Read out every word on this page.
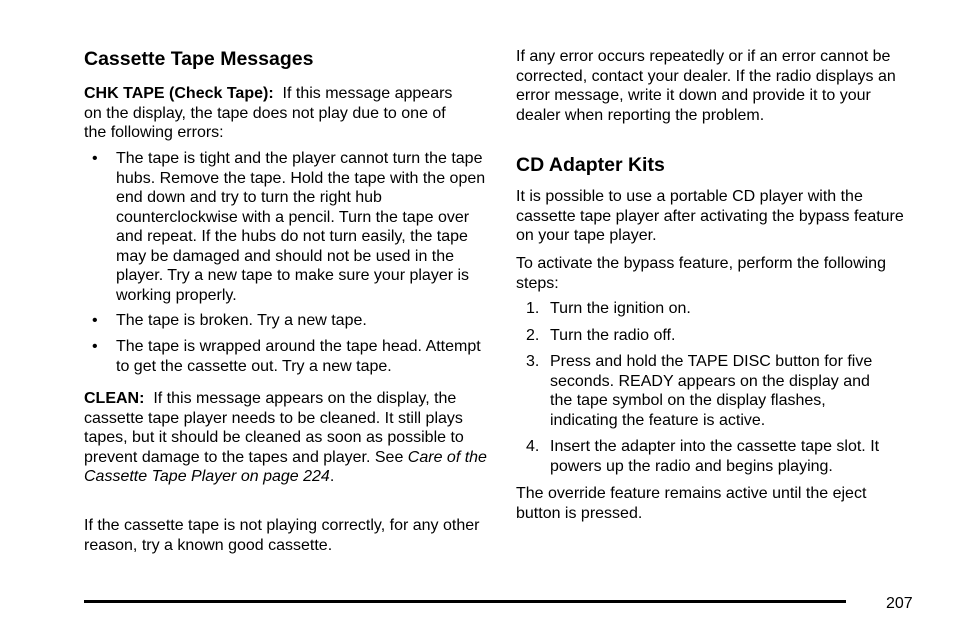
Cassette Tape Messages

CHK TAPE (Check Tape): If this message appears on the display, the tape does not play due to one of the following errors:

• The tape is tight and the player cannot turn the tape hubs. Remove the tape. Hold the tape with the open end down and try to turn the right hub counterclockwise with a pencil. Turn the tape over and repeat. If the hubs do not turn easily, the tape may be damaged and should not be used in the player. Try a new tape to make sure your player is working properly.

• The tape is broken. Try a new tape.

• The tape is wrapped around the tape head. Attempt to get the cassette out. Try a new tape.

CLEAN: If this message appears on the display, the cassette tape player needs to be cleaned. It still plays tapes, but it should be cleaned as soon as possible to prevent damage to the tapes and player. See Care of the Cassette Tape Player on page 224.

If the cassette tape is not playing correctly, for any other reason, try a known good cassette.

If any error occurs repeatedly or if an error cannot be corrected, contact your dealer. If the radio displays an error message, write it down and provide it to your dealer when reporting the problem.

CD Adapter Kits

It is possible to use a portable CD player with the cassette tape player after activating the bypass feature on your tape player.

To activate the bypass feature, perform the following steps:

1. Turn the ignition on.

2. Turn the radio off.

3. Press and hold the TAPE DISC button for five seconds. READY appears on the display and the tape symbol on the display flashes, indicating the feature is active.

4. Insert the adapter into the cassette tape slot. It powers up the radio and begins playing.

The override feature remains active until the eject button is pressed.

207
